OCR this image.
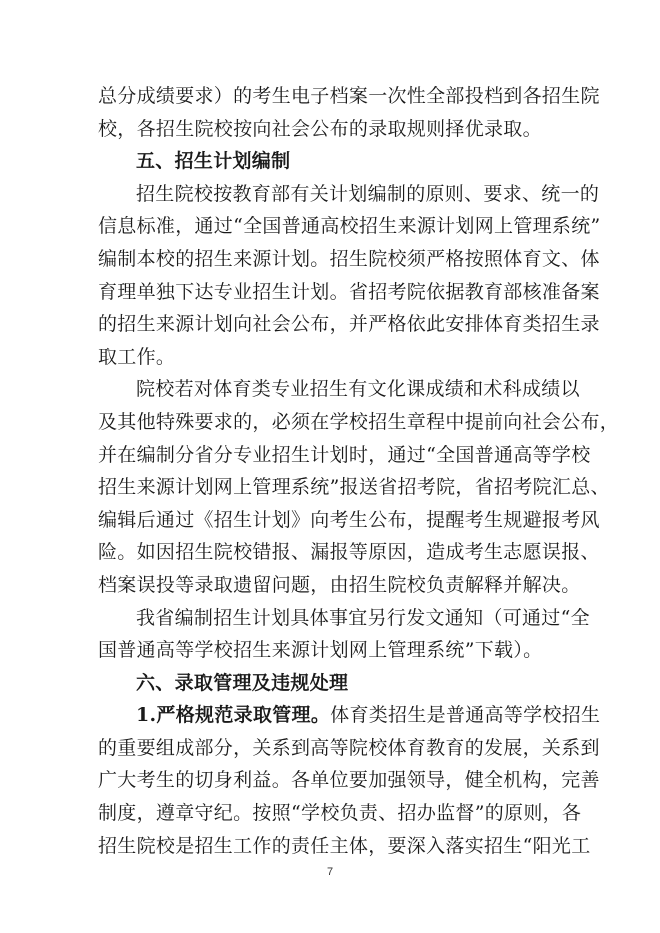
总分成绩要求）的考生电子档案一次性全部投档到各招生院
校，各招生院校按向社会公布的录取规则择优录取。
五、招生计划编制
招生院校按教育部有关计划编制的原则、要求、统一的
信息标准，通过“全国普通高校招生来源计划网上管理系统”
编制本校的招生来源计划。招生院校须严格按照体育文、体
育理单独下达专业招生计划。省招考院依据教育部核准备案
的招生来源计划向社会公布，并严格依此安排体育类招生录
取工作。
院校若对体育类专业招生有文化课成绩和术科成绩以
及其他特殊要求的，必须在学校招生章程中提前向社会公布，
并在编制分省分专业招生计划时，通过“全国普通高等学校
招生来源计划网上管理系统”报送省招考院，省招考院汇总、
编辑后通过《招生计划》向考生公布，提醒考生规避报考风
险。如因招生院校错报、漏报等原因，造成考生志愿误报、
档案误投等录取遗留问题，由招生院校负责解释并解决。
我省编制招生计划具体事宜另行发文通知（可通过“全
国普通高等学校招生来源计划网上管理系统”下载）。
六、录取管理及违规处理
1.严格规范录取管理。体育类招生是普通高等学校招生
的重要组成部分，关系到高等院校体育教育的发展，关系到
广大考生的切身利益。各单位要加强领导，健全机构，完善
制度，遵章守纪。按照“学校负责、招办监督”的原则，各
招生院校是招生工作的责任主体，要深入落实招生“阳光工
7
